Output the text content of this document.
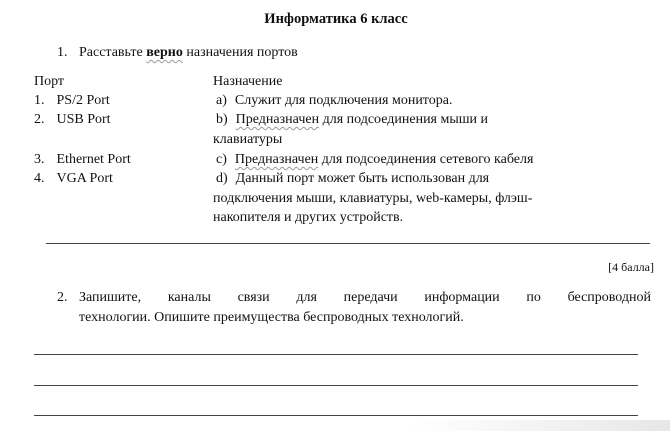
Информатика 6 класс
1. Расставьте верно назначения портов
Порт	Назначение
1. PS/2 Port
2. USB Port
3. Ethernet Port
4. VGA Port
a) Служит для подключения монитора.
b) Предназначен для подсоединения мыши и
клавиатуры
c) Предназначен для подсоединения сетевого кабеля
d) Данный порт может быть использован для
подключения мыши, клавиатуры, web-камеры, флэш-
накопителя и других устройств.
[4 балла]
2. Запишите, каналы связи для передачи информации по беспроводной
технологии. Опишите преимущества беспроводных технологий.
